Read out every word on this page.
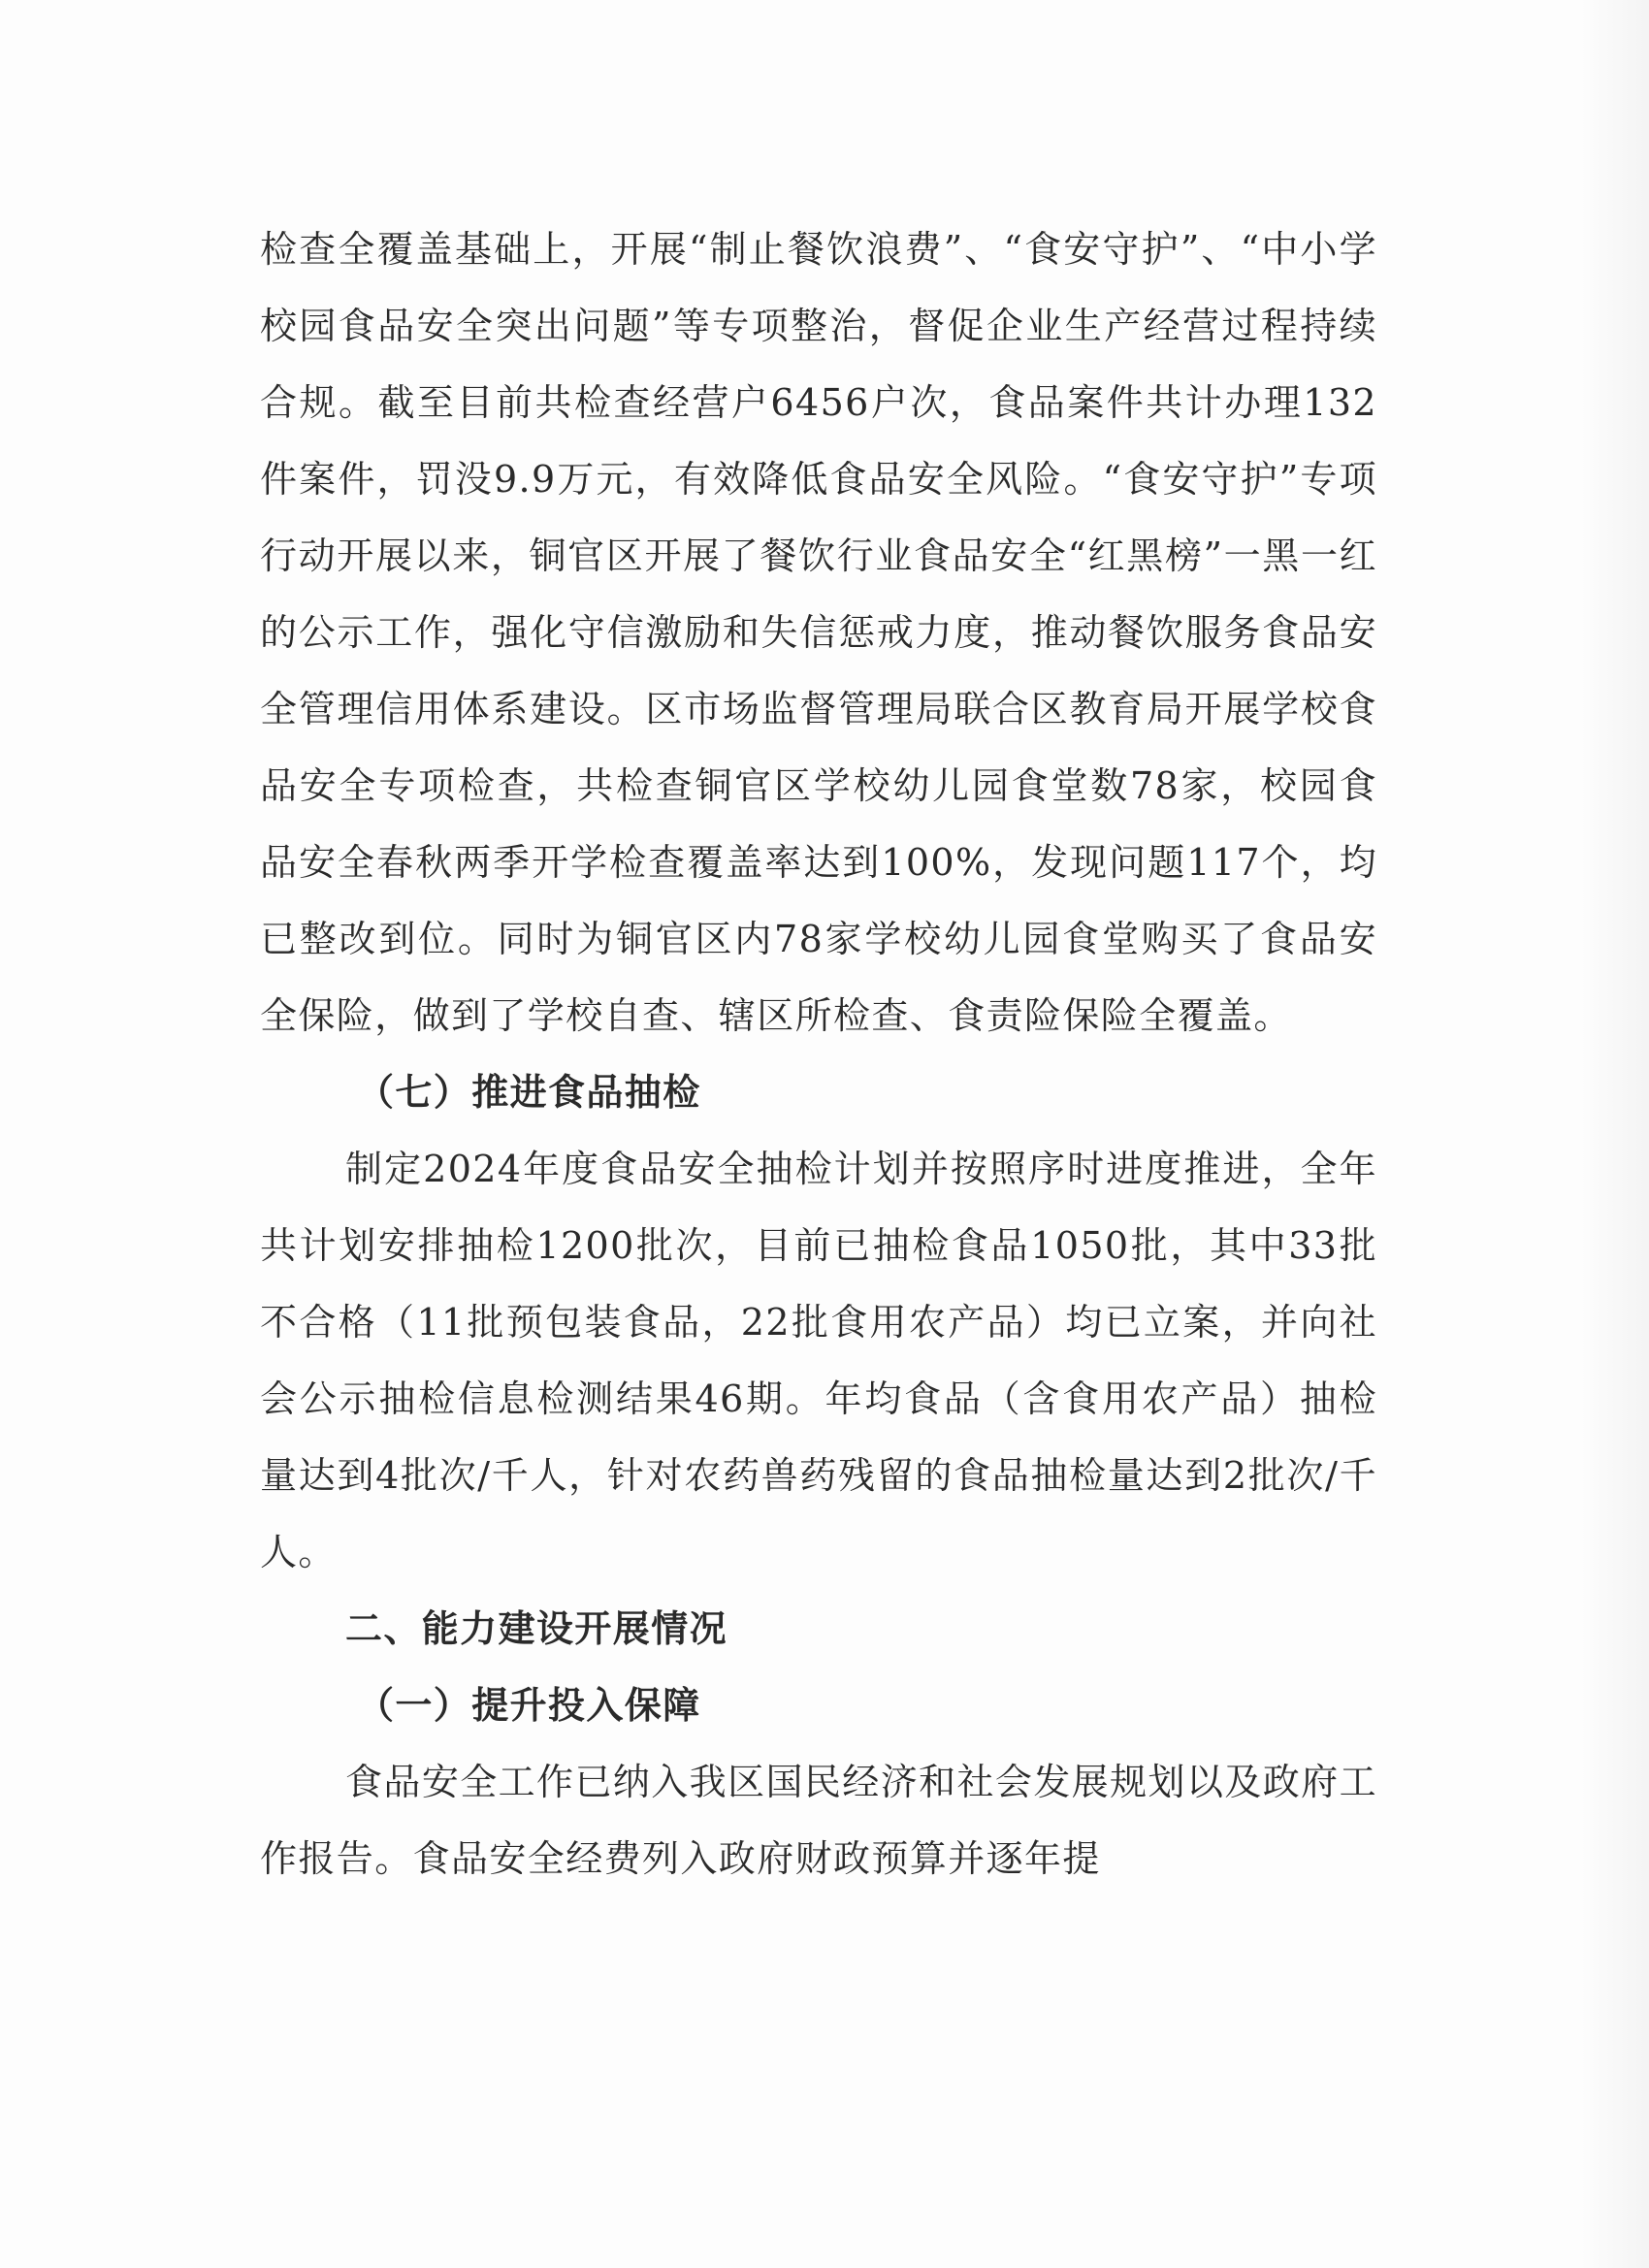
检查全覆盖基础上，开展“制止餐饮浪费”、“食安守护”、“中小学校园食品安全突出问题”等专项整治，督促企业生产经营过程持续合规。截至目前共检查经营户6456户次，食品案件共计办理132件案件，罚没9.9万元，有效降低食品安全风险。“食安守护”专项行动开展以来，铜官区开展了餐饮行业食品安全“红黑榜”一黑一红的公示工作，强化守信激励和失信惩戒力度，推动餐饮服务食品安全管理信用体系建设。区市场监督管理局联合区教育局开展学校食品安全专项检查，共检查铜官区学校幼儿园食堂数78家，校园食品安全春秋两季开学检查覆盖率达到100%，发现问题117个，均已整改到位。同时为铜官区内78家学校幼儿园食堂购买了食品安全保险，做到了学校自查、辖区所检查、食责险保险全覆盖。

（七）推进食品抽检

制定2024年度食品安全抽检计划并按照序时进度推进，全年共计划安排抽检1200批次，目前已抽检食品1050批，其中33批不合格（11批预包装食品，22批食用农产品）均已立案，并向社会公示抽检信息检测结果46期。年均食品（含食用农产品）抽检量达到4批次/千人，针对农药兽药残留的食品抽检量达到2批次/千人。

二、能力建设开展情况

（一）提升投入保障

食品安全工作已纳入我区国民经济和社会发展规划以及政府工作报告。食品安全经费列入政府财政预算并逐年提
